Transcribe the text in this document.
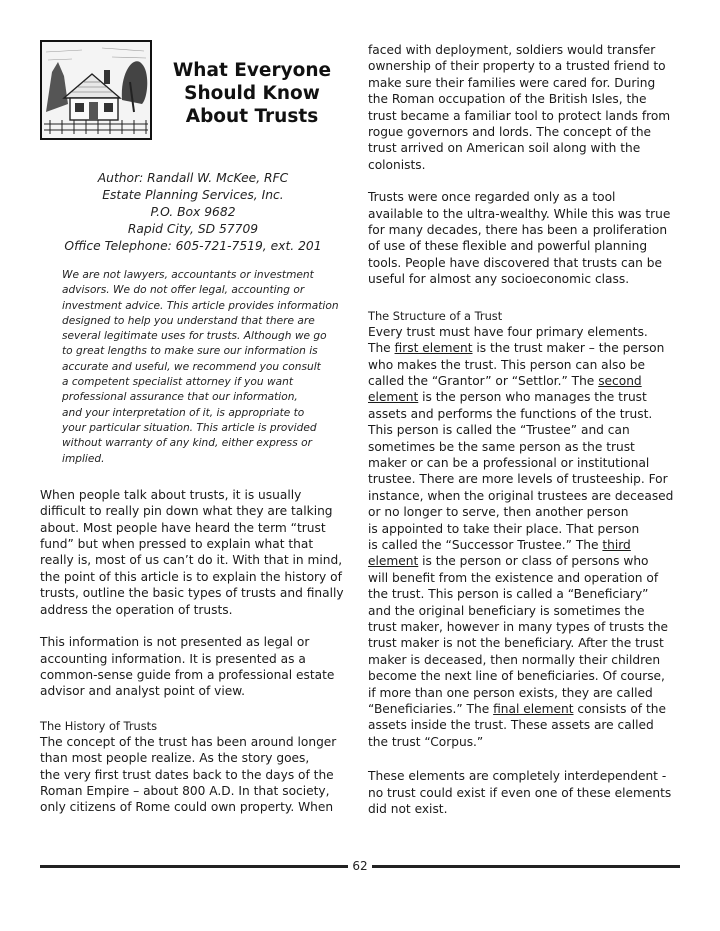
What Everyone
Should Know
About Trusts
Author: Randall W. McKee, RFC
Estate Planning Services, Inc.
P.O. Box 9682
Rapid City, SD 57709
Office Telephone: 605-721-7519, ext. 201
We are not lawyers, accountants or investment
advisors. We do not offer legal, accounting or
investment advice. This article provides information
designed to help you understand that there are
several legitimate uses for trusts. Although we go
to great lengths to make sure our information is
accurate and useful, we recommend you consult
a competent specialist attorney if you want
professional assurance that our information,
and your interpretation of it, is appropriate to
your particular situation. This article is provided
without warranty of any kind, either express or
implied.
When people talk about trusts, it is usually
difficult to really pin down what they are talking
about. Most people have heard the term “trust
fund” but when pressed to explain what that
really is, most of us can’t do it. With that in mind,
the point of this article is to explain the history of
trusts, outline the basic types of trusts and finally
address the operation of trusts.
This information is not presented as legal or
accounting information. It is presented as a
common-sense guide from a professional estate
advisor and analyst point of view.
The History of Trusts
The concept of the trust has been around longer
than most people realize. As the story goes,
the very first trust dates back to the days of the
Roman Empire – about 800 A.D. In that society,
only citizens of Rome could own property. When
faced with deployment, soldiers would transfer
ownership of their property to a trusted friend to
make sure their families were cared for. During
the Roman occupation of the British Isles, the
trust became a familiar tool to protect lands from
rogue governors and lords. The concept of the
trust arrived on American soil along with the
colonists.
Trusts were once regarded only as a tool
available to the ultra-wealthy. While this was true
for many decades, there has been a proliferation
of use of these flexible and powerful planning
tools. People have discovered that trusts can be
useful for almost any socioeconomic class.
The Structure of a Trust
Every trust must have four primary elements.
The first element is the trust maker – the person
who makes the trust. This person can also be
called the “Grantor” or “Settlor.” The second
element is the person who manages the trust
assets and performs the functions of the trust.
This person is called the “Trustee” and can
sometimes be the same person as the trust
maker or can be a professional or institutional
trustee. There are more levels of trusteeship. For
instance, when the original trustees are deceased
or no longer to serve, then another person
is appointed to take their place. That person
is called the “Successor Trustee.” The third
element is the person or class of persons who
will benefit from the existence and operation of
the trust. This person is called a “Beneficiary”
and the original beneficiary is sometimes the
trust maker, however in many types of trusts the
trust maker is not the beneficiary. After the trust
maker is deceased, then normally their children
become the next line of beneficiaries. Of course,
if more than one person exists, they are called
“Beneficiaries.” The final element consists of the
assets inside the trust. These assets are called
the trust “Corpus.”
These elements are completely interdependent -
no trust could exist if even one of these elements
did not exist.
62
